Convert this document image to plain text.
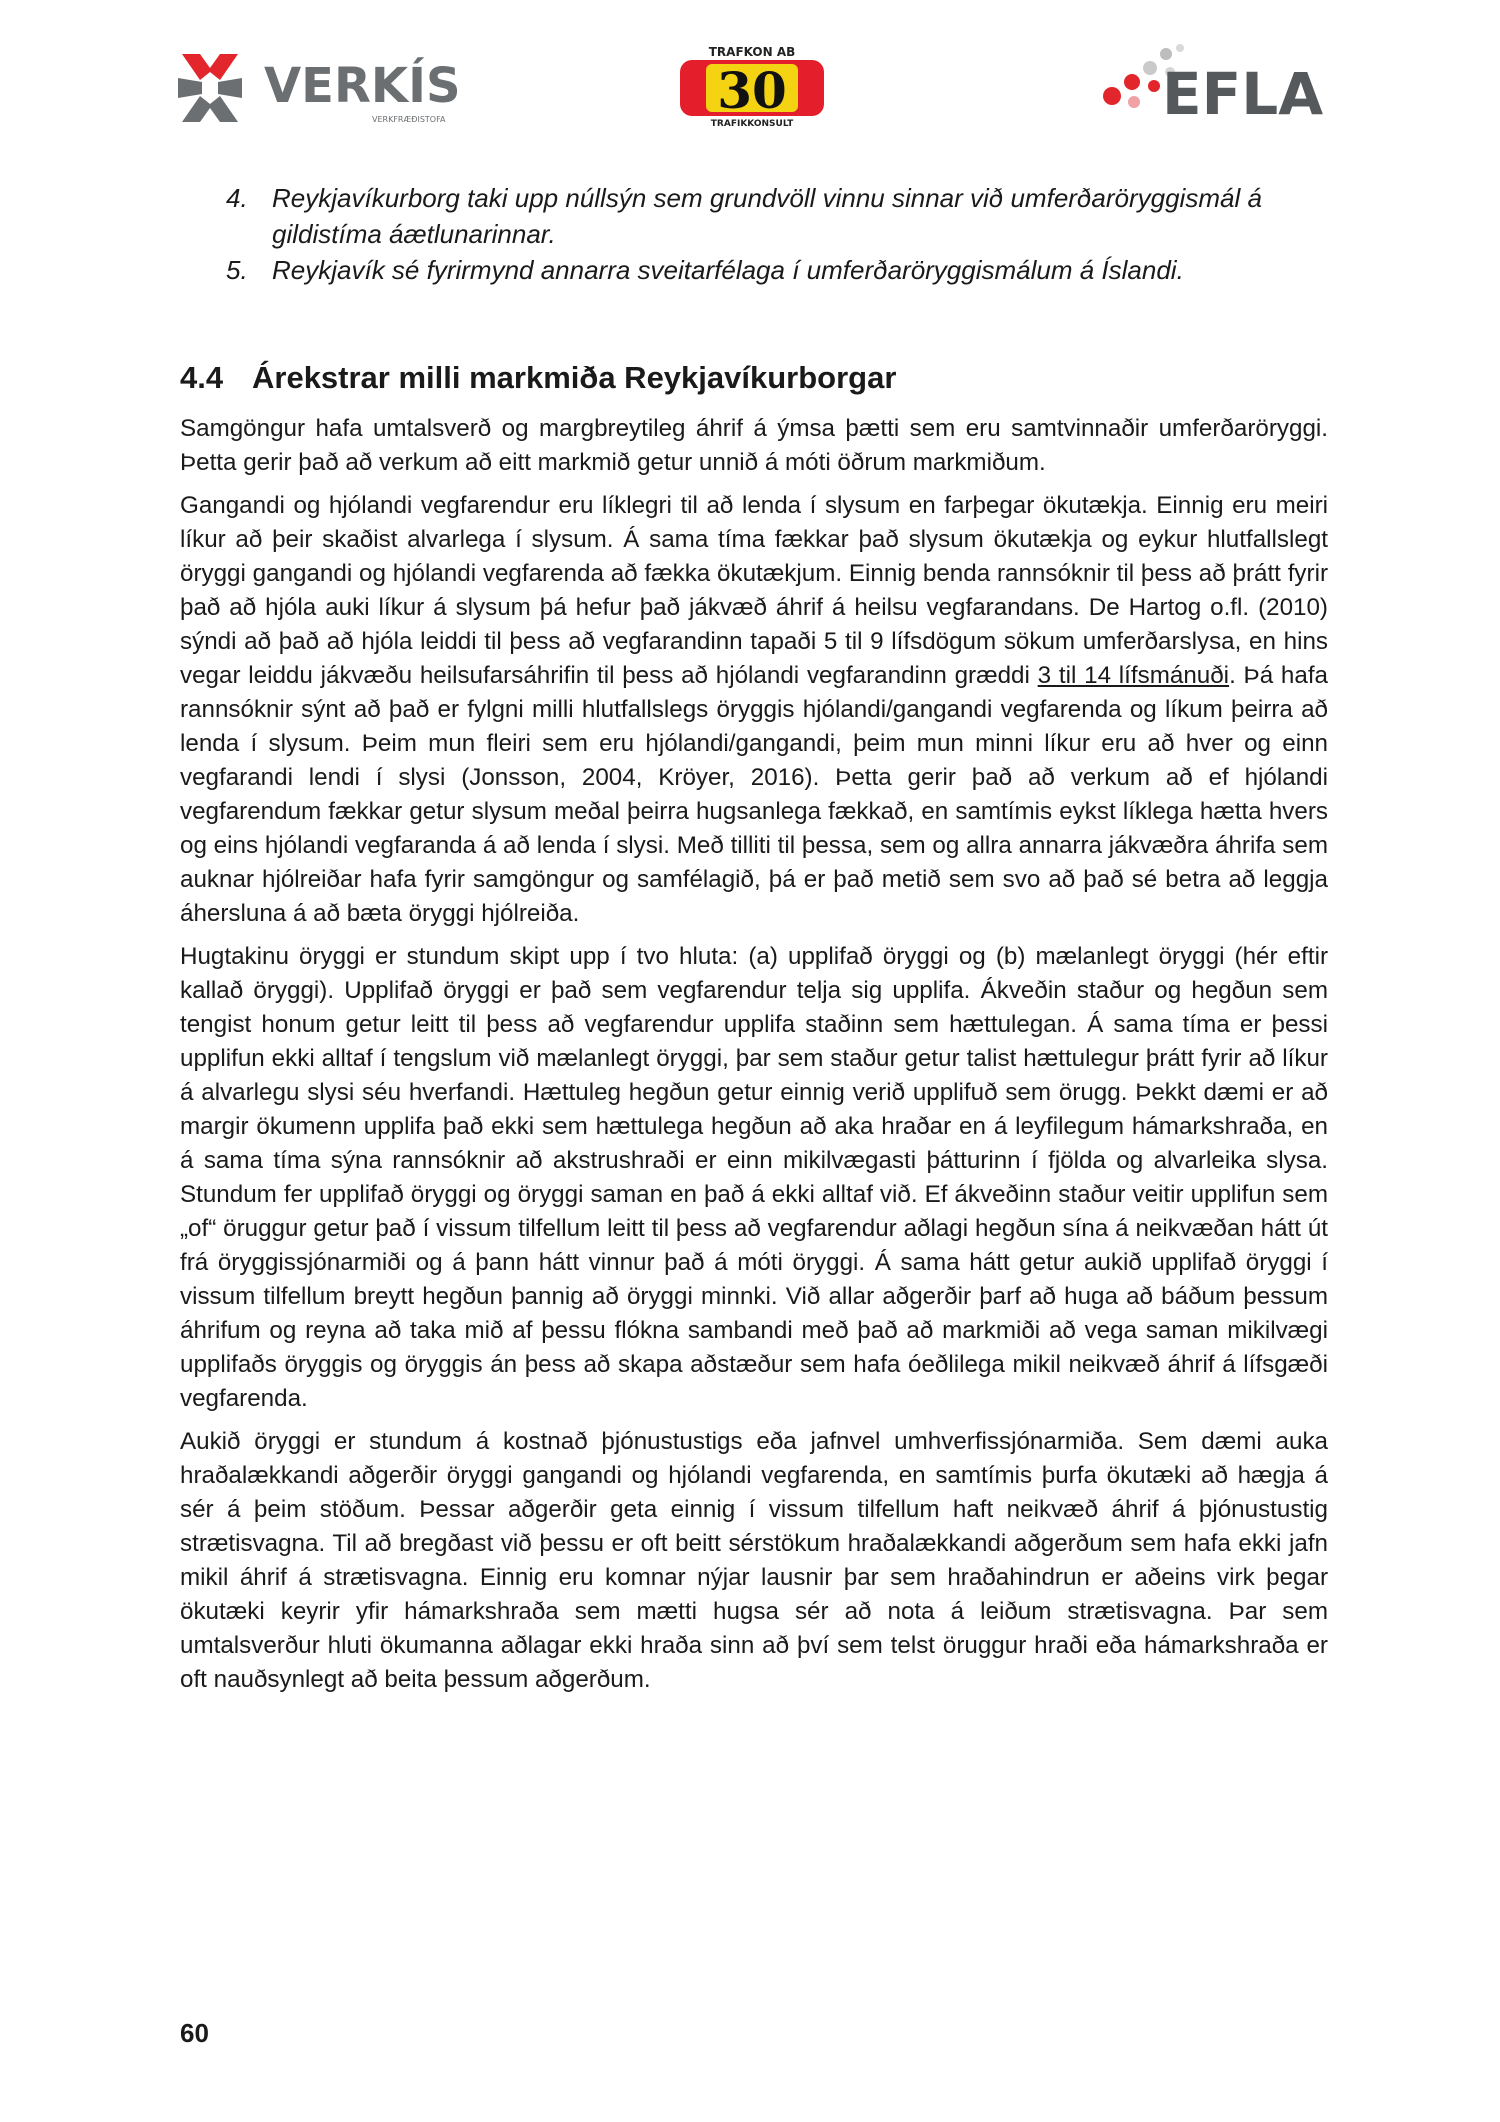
VERKÍS
VERKFRÆÐISTOFA
TRAFKON AB
30
TRAFIKKONSULT	EFLA
4. Reykjavíkurborg taki upp núllsýn sem grundvöll vinnu sinnar við umferðaröryggismál á gildistíma áætlunarinnar.
5. Reykjavík sé fyrirmynd annarra sveitarfélaga í umferðaröryggismálum á Íslandi.
4.4 Árekstrar milli markmiða Reykjavíkurborgar

Samgöngur hafa umtalsverð og margbreytileg áhrif á ýmsa þætti sem eru samtvinnaðir umferðaröryggi. Þetta gerir það að verkum að eitt markmið getur unnið á móti öðrum markmiðum.

Gangandi og hjólandi vegfarendur eru líklegri til að lenda í slysum en farþegar ökutækja. Einnig eru meiri líkur að þeir skaðist alvarlega í slysum. Á sama tíma fækkar það slysum ökutækja og eykur hlutfallslegt öryggi gangandi og hjólandi vegfarenda að fækka ökutækjum. Einnig benda rannsóknir til þess að þrátt fyrir það að hjóla auki líkur á slysum þá hefur það jákvæð áhrif á heilsu vegfarandans. De Hartog o.fl. (2010) sýndi að það að hjóla leiddi til þess að vegfarandinn tapaði 5 til 9 lífsdögum sökum umferðarslysa, en hins vegar leiddu jákvæðu heilsufarsáhrifin til þess að hjólandi vegfarandinn græddi 3 til 14 lífsmánuði. Þá hafa rannsóknir sýnt að það er fylgni milli hlutfallslegs öryggis hjólandi/gangandi vegfarenda og líkum þeirra að lenda í slysum. Þeim mun fleiri sem eru hjólandi/gangandi, þeim mun minni líkur eru að hver og einn vegfarandi lendi í slysi (Jonsson, 2004, Kröyer, 2016). Þetta gerir það að verkum að ef hjólandi vegfarendum fækkar getur slysum meðal þeirra hugsanlega fækkað, en samtímis eykst líklega hætta hvers og eins hjólandi vegfaranda á að lenda í slysi. Með tilliti til þessa, sem og allra annarra jákvæðra áhrifa sem auknar hjólreiðar hafa fyrir samgöngur og samfélagið, þá er það metið sem svo að það sé betra að leggja áhersluna á að bæta öryggi hjólreiða.

Hugtakinu öryggi er stundum skipt upp í tvo hluta: (a) upplifað öryggi og (b) mælanlegt öryggi (hér eftir kallað öryggi). Upplifað öryggi er það sem vegfarendur telja sig upplifa. Ákveðin staður og hegðun sem tengist honum getur leitt til þess að vegfarendur upplifa staðinn sem hættulegan. Á sama tíma er þessi upplifun ekki alltaf í tengslum við mælanlegt öryggi, þar sem staður getur talist hættulegur þrátt fyrir að líkur á alvarlegu slysi séu hverfandi. Hættuleg hegðun getur einnig verið upplifuð sem örugg. Þekkt dæmi er að margir ökumenn upplifa það ekki sem hættulega hegðun að aka hraðar en á leyfilegum hámarkshraða, en á sama tíma sýna rannsóknir að akstrushraði er einn mikilvægasti þátturinn í fjölda og alvarleika slysa. Stundum fer upplifað öryggi og öryggi saman en það á ekki alltaf við. Ef ákveðinn staður veitir upplifun sem „of“ öruggur getur það í vissum tilfellum leitt til þess að vegfarendur aðlagi hegðun sína á neikvæðan hátt út frá öryggissjónarmiði og á þann hátt vinnur það á móti öryggi. Á sama hátt getur aukið upplifað öryggi í vissum tilfellum breytt hegðun þannig að öryggi minnki. Við allar aðgerðir þarf að huga að báðum þessum áhrifum og reyna að taka mið af þessu flókna sambandi með það að markmiði að vega saman mikilvægi upplifaðs öryggis og öryggis án þess að skapa aðstæður sem hafa óeðlilega mikil neikvæð áhrif á lífsgæði vegfarenda.

Aukið öryggi er stundum á kostnað þjónustustigs eða jafnvel umhverfissjónarmiða. Sem dæmi auka hraðalækkandi aðgerðir öryggi gangandi og hjólandi vegfarenda, en samtímis þurfa ökutæki að hægja á sér á þeim stöðum. Þessar aðgerðir geta einnig í vissum tilfellum haft neikvæð áhrif á þjónustustig strætisvagna. Til að bregðast við þessu er oft beitt sérstökum hraðalækkandi aðgerðum sem hafa ekki jafn mikil áhrif á strætisvagna. Einnig eru komnar nýjar lausnir þar sem hraðahindrun er aðeins virk þegar ökutæki keyrir yfir hámarkshraða sem mætti hugsa sér að nota á leiðum strætisvagna. Þar sem umtalsverður hluti ökumanna aðlagar ekki hraða sinn að því sem telst öruggur hraði eða hámarkshraða er oft nauðsynlegt að beita þessum aðgerðum.

60
